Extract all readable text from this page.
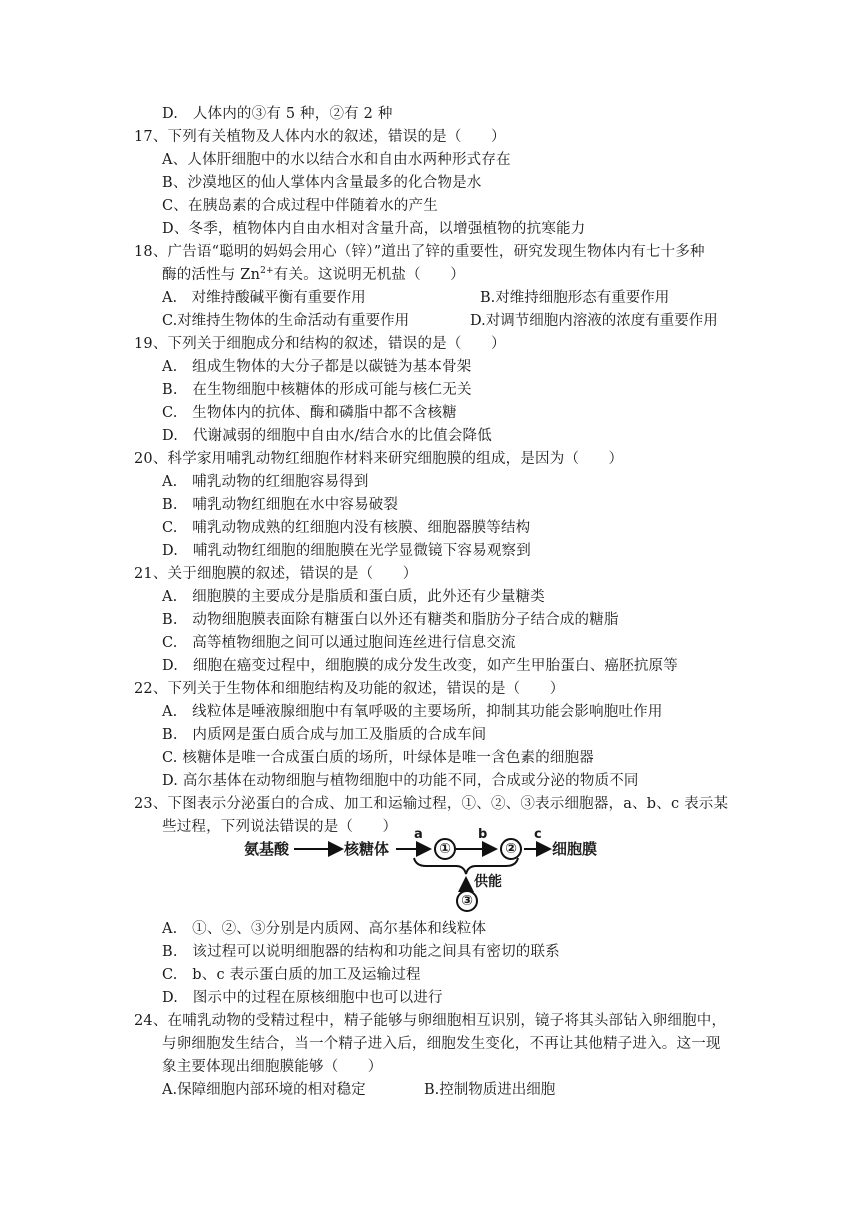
D.　人体内的③有 5 种，②有 2 种
17、下列有关植物及人体内水的叙述，错误的是（　　）
A、人体肝细胞中的水以结合水和自由水两种形式存在
B、沙漠地区的仙人掌体内含量最多的化合物是水
C、在胰岛素的合成过程中伴随着水的产生
D、冬季，植物体内自由水相对含量升高，以增强植物的抗寒能力
18、广告语“聪明的妈妈会用心（锌）”道出了锌的重要性，研究发现生物体内有七十多种
酶的活性与 $Zn^{2+}$有关。这说明无机盐（　　）
A.　对维持酸碱平衡有重要作用	B.对维持细胞形态有重要作用
C.对维持生物体的生命活动有重要作用	D.对调节细胞内溶液的浓度有重要作用
19、下列关于细胞成分和结构的叙述，错误的是（　　）
A.　组成生物体的大分子都是以碳链为基本骨架
B.　在生物细胞中核糖体的形成可能与核仁无关
C.　生物体内的抗体、酶和磷脂中都不含核糖
D.　代谢减弱的细胞中自由水/结合水的比值会降低
20、科学家用哺乳动物红细胞作材料来研究细胞膜的组成，是因为（　　）
A.　哺乳动物的红细胞容易得到
B.　哺乳动物红细胞在水中容易破裂
C.　哺乳动物成熟的红细胞内没有核膜、细胞器膜等结构
D.　哺乳动物红细胞的细胞膜在光学显微镜下容易观察到
21、关于细胞膜的叙述，错误的是（　　）
A.　细胞膜的主要成分是脂质和蛋白质，此外还有少量糖类
B.　动物细胞膜表面除有糖蛋白以外还有糖类和脂肪分子结合成的糖脂
C.　高等植物细胞之间可以通过胞间连丝进行信息交流
D.　细胞在癌变过程中，细胞膜的成分发生改变，如产生甲胎蛋白、癌胚抗原等
22、下列关于生物体和细胞结构及功能的叙述，错误的是（　　）
A.　线粒体是唾液腺细胞中有氧呼吸的主要场所，抑制其功能会影响胞吐作用
B.　内质网是蛋白质合成与加工及脂质的合成车间
C. 核糖体是唯一合成蛋白质的场所，叶绿体是唯一含色素的细胞器
D. 高尔基体在动物细胞与植物细胞中的功能不同，合成或分泌的物质不同
23、下图表示分泌蛋白的合成、加工和运输过程，①、②、③表示细胞器，a、b、c 表示某
些过程，下列说法错误的是（　　）
氨基酸	核糖体
a
①
b
②
c
细胞膜
供能
③
A.　①、②、③分别是内质网、高尔基体和线粒体
B.　该过程可以说明细胞器的结构和功能之间具有密切的联系
C.　b、c 表示蛋白质的加工及运输过程
D.　图示中的过程在原核细胞中也可以进行
24、在哺乳动物的受精过程中，精子能够与卵细胞相互识别，镜子将其头部钻入卵细胞中，
与卵细胞发生结合，当一个精子进入后，细胞发生变化，不再让其他精子进入。这一现
象主要体现出细胞膜能够（　　）
A.保障细胞内部环境的相对稳定	B.控制物质进出细胞
